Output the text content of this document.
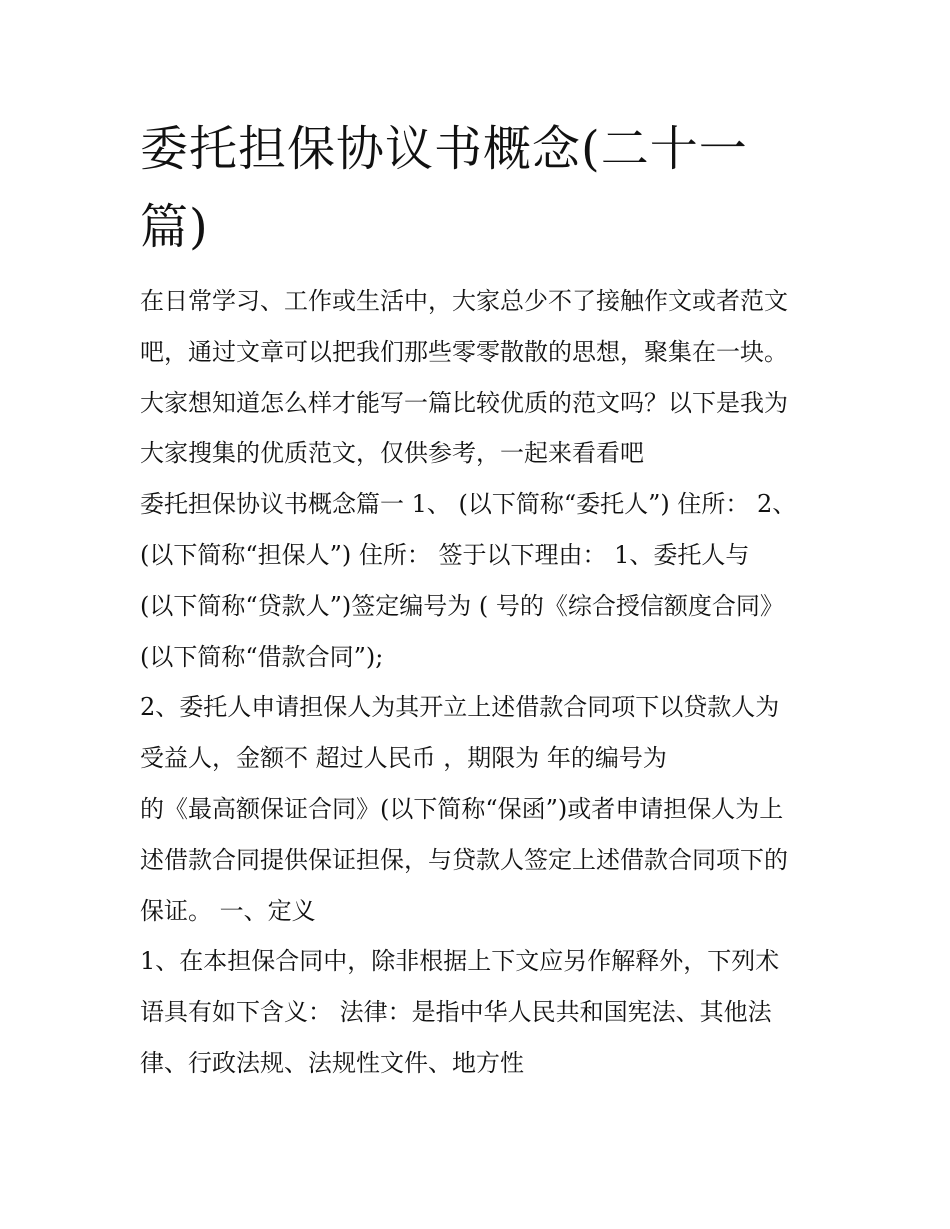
委托担保协议书概念(二十一
篇)

在日常学习、工作或生活中，大家总少不了接触作文或者范文
吧，通过文章可以把我们那些零零散散的思想，聚集在一块。
大家想知道怎么样才能写一篇比较优质的范文吗？以下是我为
大家搜集的优质范文，仅供参考，一起来看看吧

委托担保协议书概念篇一 1、 (以下简称“委托人”) 住所： 2、
(以下简称“担保人”) 住所： 签于以下理由： 1、委托人与
(以下简称“贷款人”)签定编号为 ( 号的《综合授信额度合同》
(以下简称“借款合同”);

2、委托人申请担保人为其开立上述借款合同项下以贷款人为
受益人，金额不 超过人民币 ，期限为 年的编号为
的《最高额保证合同》(以下简称“保函”)或者申请担保人为上
述借款合同提供保证担保，与贷款人签定上述借款合同项下的
保证。 一、定义

1、在本担保合同中，除非根据上下文应另作解释外，下列术
语具有如下含义： 法律：是指中华人民共和国宪法、其他法
律、行政法规、法规性文件、地方性
